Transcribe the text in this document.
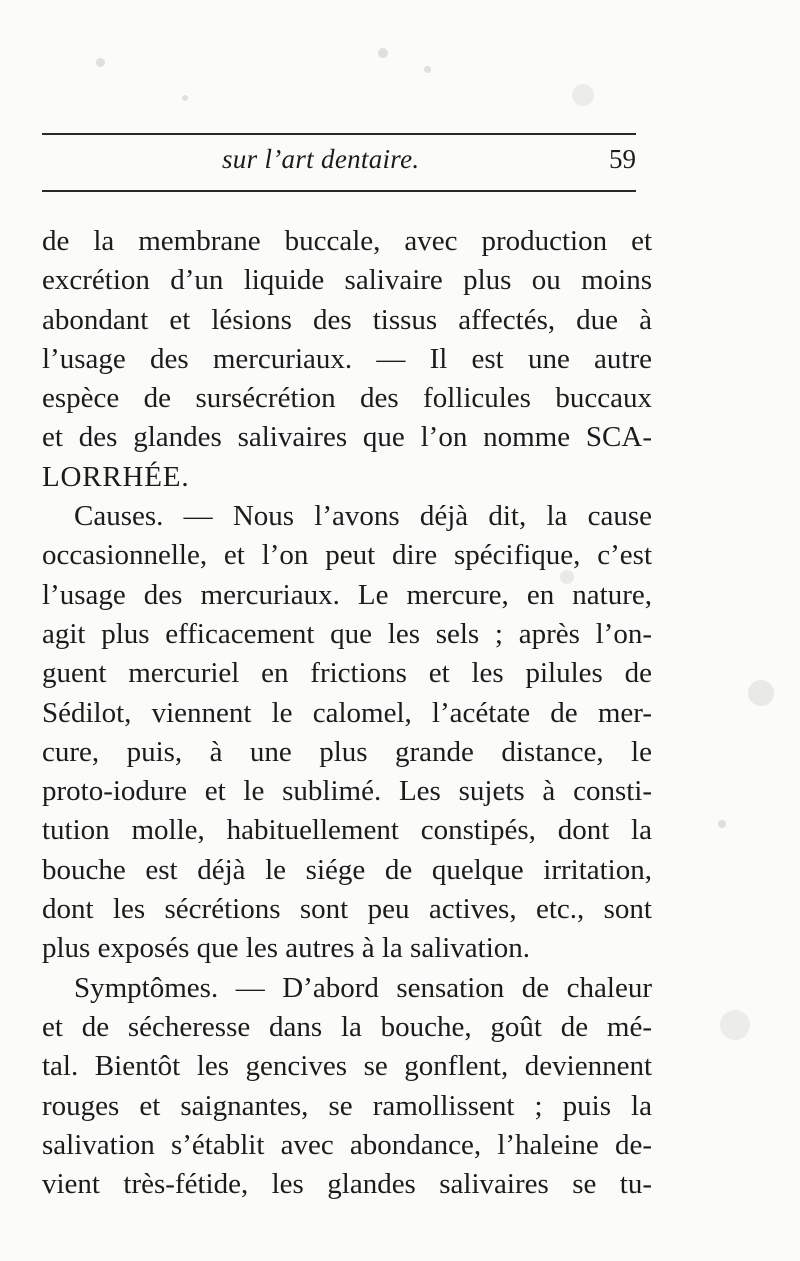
sur l’art dentaire.	59
de la membrane buccale, avec production et
excrétion d’un liquide salivaire plus ou moins
abondant et lésions des tissus affectés, due à
l’usage des mercuriaux. — Il est une autre
espèce de sursécrétion des follicules buccaux
et des glandes salivaires que l’on nomme SCA-
LORRHÉE.
Causes. — Nous l’avons déjà dit, la cause
occasionnelle, et l’on peut dire spécifique, c’est
l’usage des mercuriaux. Le mercure, en nature,
agit plus efficacement que les sels ; après l’on-
guent mercuriel en frictions et les pilules de
Sédilot, viennent le calomel, l’acétate de mer-
cure, puis, à une plus grande distance, le
proto-iodure et le sublimé. Les sujets à consti-
tution molle, habituellement constipés, dont la
bouche est déjà le siége de quelque irritation,
dont les sécrétions sont peu actives, etc., sont
plus exposés que les autres à la salivation.
Symptômes. — D’abord sensation de chaleur
et de sécheresse dans la bouche, goût de mé-
tal. Bientôt les gencives se gonflent, deviennent
rouges et saignantes, se ramollissent ; puis la
salivation s’établit avec abondance, l’haleine de-
vient très-fétide, les glandes salivaires se tu-
